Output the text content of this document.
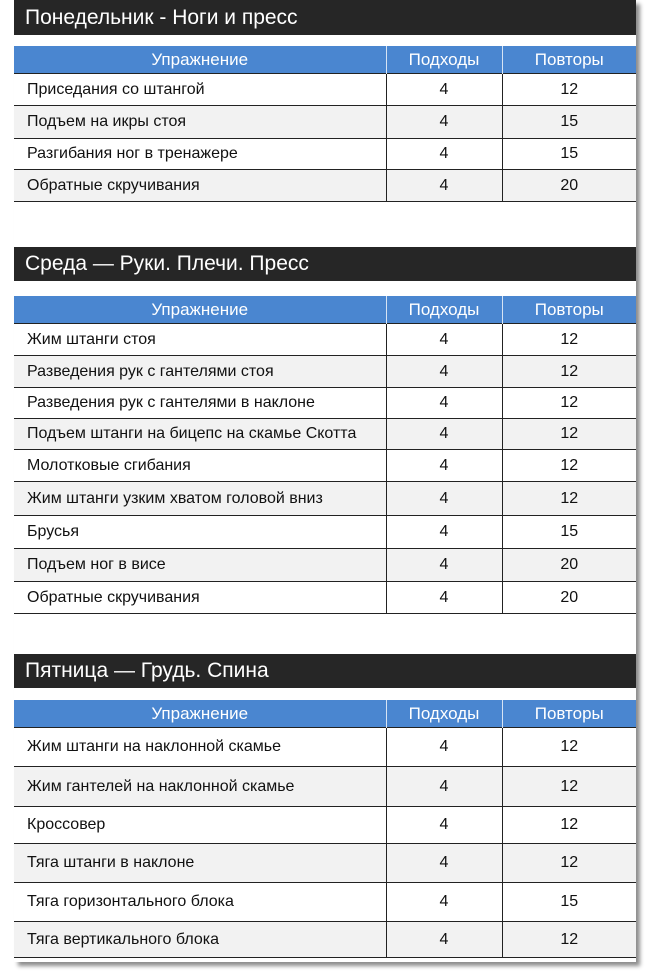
Понедельник - Ноги и пресс
Упражнение	Подходы	Повторы
Приседания со штангой	4	12
Подъем на икры стоя	4	15
Разгибания ног в тренажере	4	15
Обратные скручивания	4	20
Среда — Руки. Плечи. Пресс
Упражнение	Подходы	Повторы
Жим штанги стоя	4	12
Разведения рук с гантелями стоя	4	12
Разведения рук с гантелями в наклоне	4	12
Подъем штанги на бицепс на скамье Скотта	4	12
Молотковые сгибания	4	12
Жим штанги узким хватом головой вниз	4	12
Брусья	4	15
Подъем ног в висе	4	20
Обратные скручивания	4	20
Пятница — Грудь. Спина
Упражнение	Подходы	Повторы
Жим штанги на наклонной скамье	4	12
Жим гантелей на наклонной скамье	4	12
Кроссовер	4	12
Тяга штанги в наклоне	4	12
Тяга горизонтального блока	4	15
Тяга вертикального блока	4	12
